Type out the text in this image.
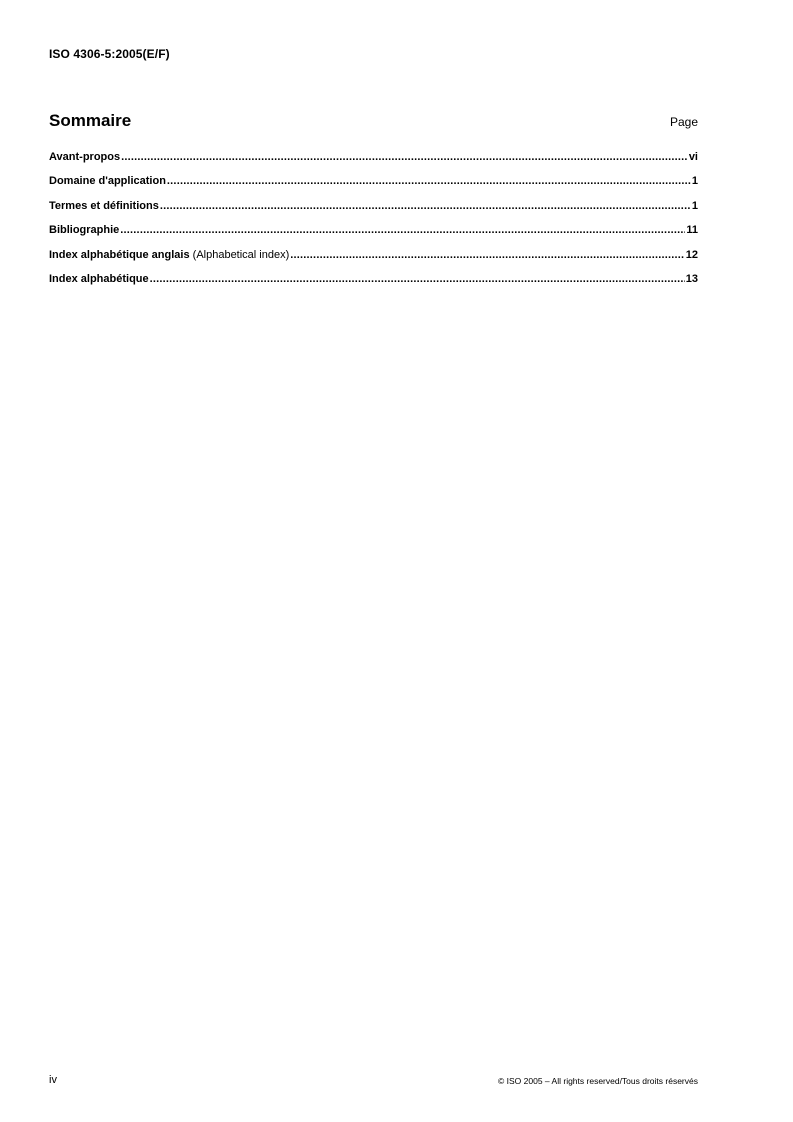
ISO 4306-5:2005(E/F)
Sommaire	Page
Avant-propos .....	vi
Domaine d'application .....	1
Termes et définitions .....	1
Bibliographie .....	11
Index alphabétique anglais (Alphabetical index) .....	12
Index alphabétique .....	13
iv	© ISO 2005 – All rights reserved/Tous droits réservés
